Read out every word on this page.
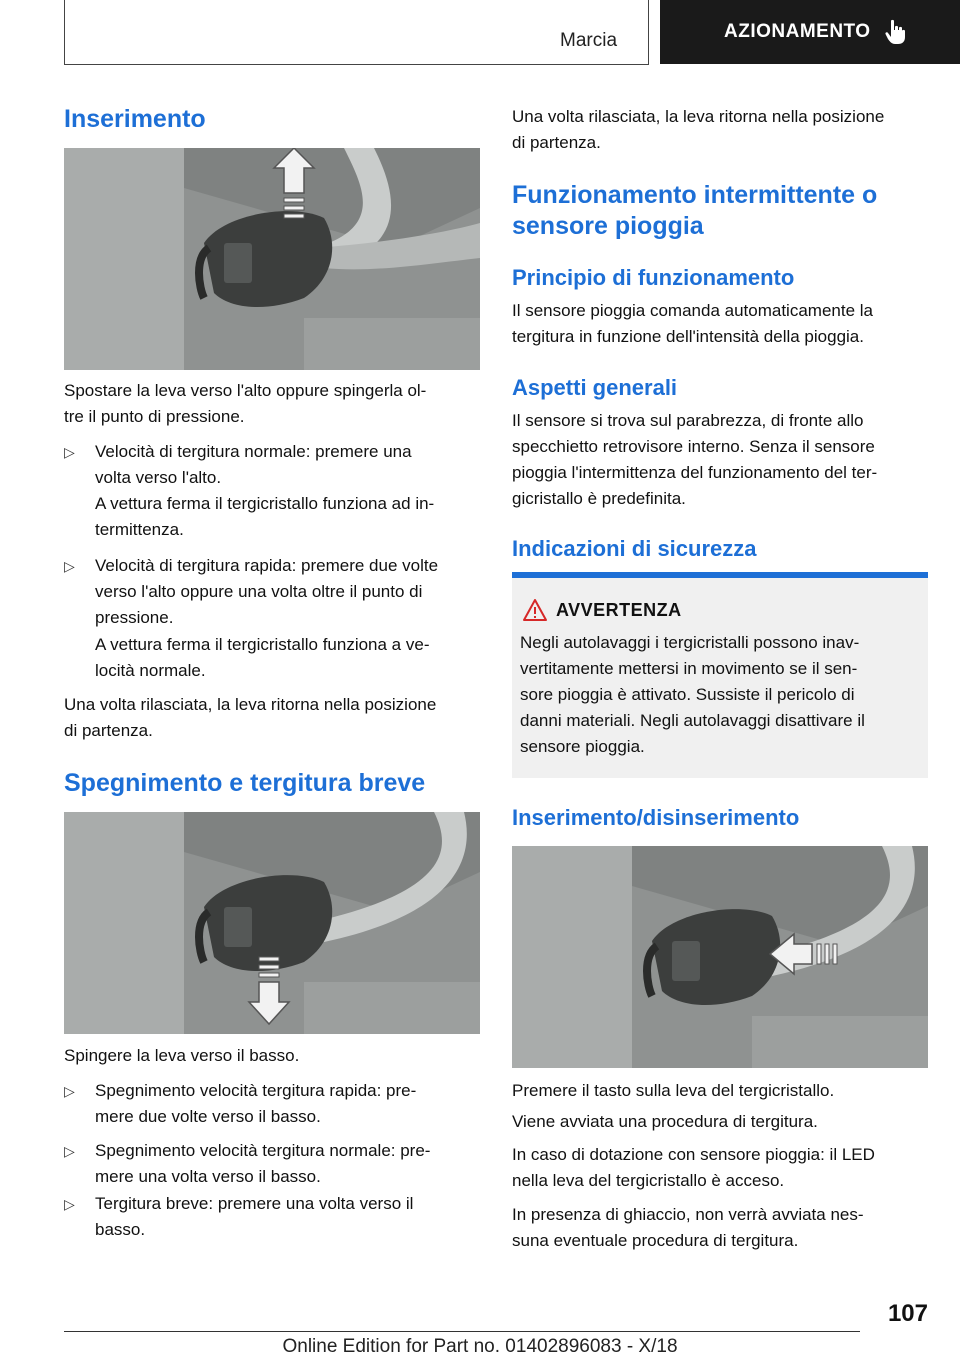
Marcia	AZIONAMENTO
Inserimento

Spostare la leva verso l'alto oppure spingerla ol-
tre il punto di pressione.

▷ Velocità di tergitura normale: premere una
volta verso l'alto.
A vettura ferma il tergicristallo funziona ad in-
termittenza.
▷ Velocità di tergitura rapida: premere due volte
verso l'alto oppure una volta oltre il punto di
pressione.
A vettura ferma il tergicristallo funziona a ve-
locità normale.

Una volta rilasciata, la leva ritorna nella posizione
di partenza.

Spegnimento e tergitura breve

Spingere la leva verso il basso.

▷ Spegnimento velocità tergitura rapida: pre-
mere due volte verso il basso.
▷ Spegnimento velocità tergitura normale: pre-
mere una volta verso il basso.
▷ Tergitura breve: premere una volta verso il
basso.

Una volta rilasciata, la leva ritorna nella posizione
di partenza.

Funzionamento intermittente o
sensore pioggia
Principio di funzionamento

Il sensore pioggia comanda automaticamente la
tergitura in funzione dell'intensità della pioggia.

Aspetti generali

Il sensore si trova sul parabrezza, di fronte allo
specchietto retrovisore interno. Senza il sensore
pioggia l'intermittenza del funzionamento del ter-
gicristallo è predefinita.

Indicazioni di sicurezza
AVVERTENZA

Negli autolavaggi i tergicristalli possono inav-
vertitamente mettersi in movimento se il sen-
sore pioggia è attivato. Sussiste il pericolo di
danni materiali. Negli autolavaggi disattivare il
sensore pioggia.

Inserimento/disinserimento

Premere il tasto sulla leva del tergicristallo.

Viene avviata una procedura di tergitura.

In caso di dotazione con sensore pioggia: il LED
nella leva del tergicristallo è acceso.

In presenza di ghiaccio, non verrà avviata nes-
suna eventuale procedura di tergitura.

107
Online Edition for Part no. 01402896083 - X/18
